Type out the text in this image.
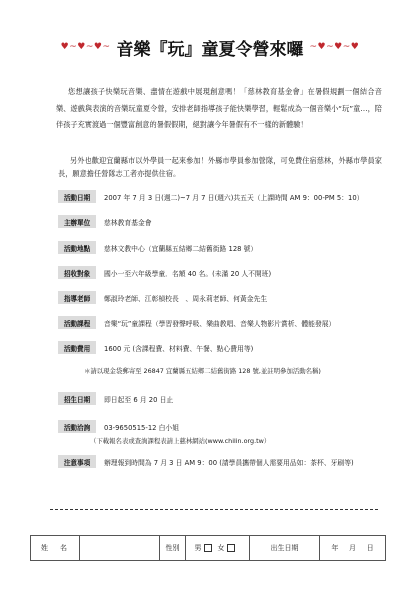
♥~♥~♥~ 音樂『玩』童夏令營來囉 ~♥~♥~♥
您想讓孩子快樂玩音樂、盡情在遊戲中展現創意嗎！「慈林教育基金會」在暑假規劃一個結合音樂、遊戲與表演的音樂玩童夏令營，安排老師指導孩子能快樂學習，輕鬆成為一個音樂小“玩”童…，陪伴孩子充實渡過一個豐富創意的暑假假期，絕對讓今年暑假有不一樣的新體驗！
另外也歡迎宜蘭縣市以外學員一起來參加！外縣市學員參加營隊，可免費住宿慈林，外縣市學員家長，願意擔任營隊志工者亦提供住宿。
活動日期	2007 年 7 月 3 日(週二)~7 月 7 日(週六)共五天（上課時間 AM 9：00-PM 5：10）
主辦單位	慈林教育基金會
活動地點	慈林文教中心（宜蘭縣五結鄉二結舊街路 128 號）
招收對象	國小一至六年級學童．名額 40 名。(未滿 20 人不開班)
指導老師	鄭淑玲老師、江彰楨校長　、周永莉老師、何黃金先生
活動課程	音樂“玩”童課程（學習發聲呼吸、樂曲教唱、音樂人物影片賞析、體能發展）
活動費用	1600 元 (含課程費、材料費、午餐、點心費用等)
＊請以現金袋郵寄至 26847 宜蘭縣五結鄉二結舊街路 128 號,並註明參加活動名稱)
招生日期	即日起至 6 月 20 日止
活動洽詢	03-9650515-12 白小姐
（下載報名表或查詢課程表請上慈林網站(www.chilin.org.tw）
注意事項	辦理報到時間為 7 月 3 日 AM 9：00 (請學員攜帶個人需要用品如：茶杯、牙刷等)
姓名	性別	男 女	出生日期	年 月 日
